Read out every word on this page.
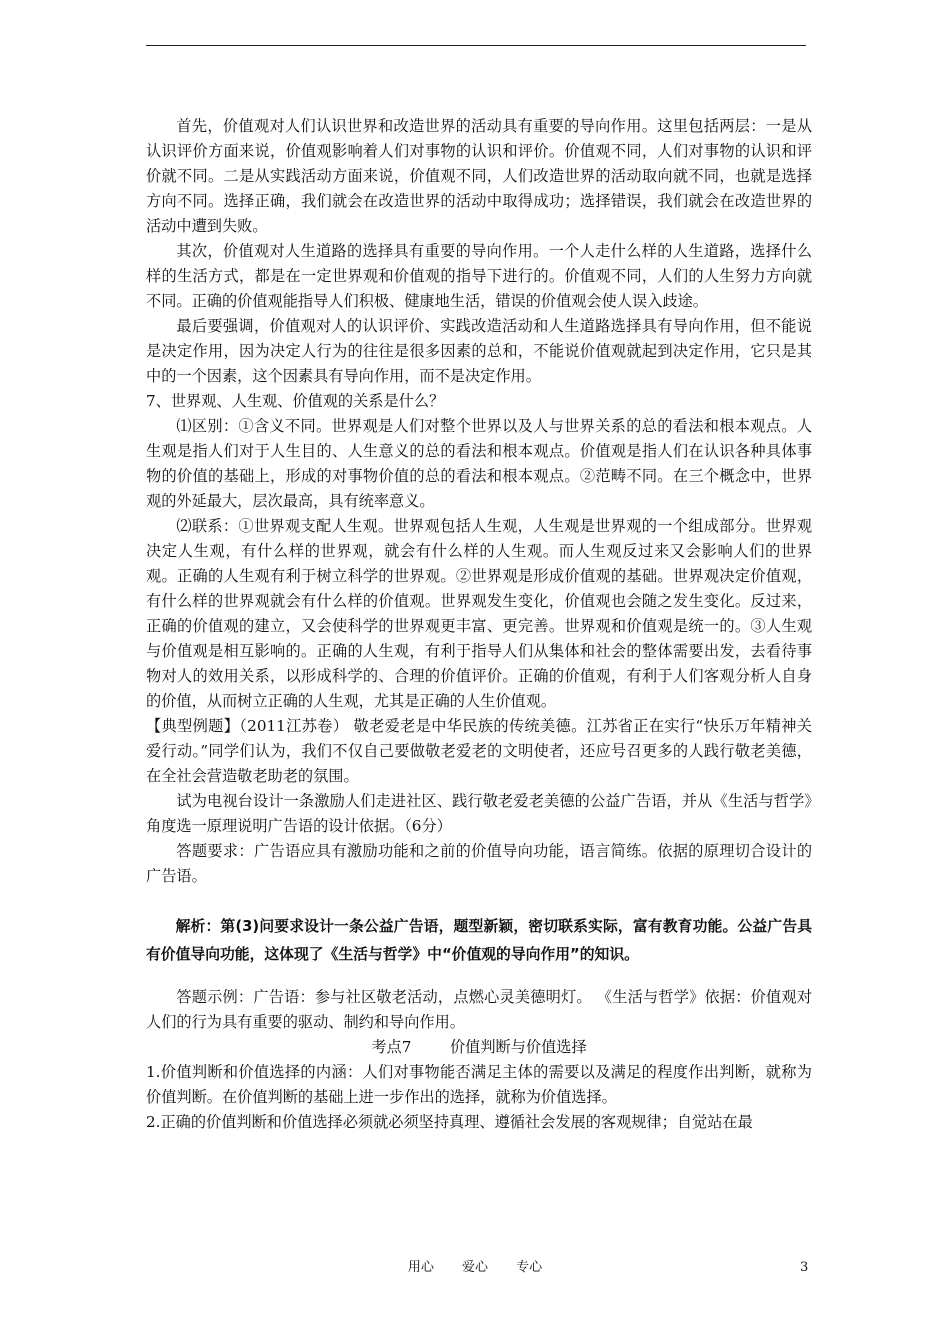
首先，价值观对人们认识世界和改造世界的活动具有重要的导向作用。这里包括两层：一是从认识评价方面来说，价值观影响着人们对事物的认识和评价。价值观不同，人们对事物的认识和评价就不同。二是从实践活动方面来说，价值观不同，人们改造世界的活动取向就不同，也就是选择方向不同。选择正确，我们就会在改造世界的活动中取得成功；选择错误，我们就会在改造世界的活动中遭到失败。

其次，价值观对人生道路的选择具有重要的导向作用。一个人走什么样的人生道路，选择什么样的生活方式，都是在一定世界观和价值观的指导下进行的。价值观不同，人们的人生努力方向就不同。正确的价值观能指导人们积极、健康地生活，错误的价值观会使人误入歧途。

最后要强调，价值观对人的认识评价、实践改造活动和人生道路选择具有导向作用，但不能说是决定作用，因为决定人行为的往往是很多因素的总和，不能说价值观就起到决定作用，它只是其中的一个因素，这个因素具有导向作用，而不是决定作用。

7、世界观、人生观、价值观的关系是什么？

⑴区别：①含义不同。世界观是人们对整个世界以及人与世界关系的总的看法和根本观点。人生观是指人们对于人生目的、人生意义的总的看法和根本观点。价值观是指人们在认识各种具体事物的价值的基础上，形成的对事物价值的总的看法和根本观点。②范畴不同。在三个概念中，世界观的外延最大，层次最高，具有统率意义。

⑵联系：①世界观支配人生观。世界观包括人生观，人生观是世界观的一个组成部分。世界观决定人生观，有什么样的世界观，就会有什么样的人生观。而人生观反过来又会影响人们的世界观。正确的人生观有利于树立科学的世界观。②世界观是形成价值观的基础。世界观决定价值观，有什么样的世界观就会有什么样的价值观。世界观发生变化，价值观也会随之发生变化。反过来，正确的价值观的建立，又会使科学的世界观更丰富、更完善。世界观和价值观是统一的。③人生观与价值观是相互影响的。正确的人生观，有利于指导人们从集体和社会的整体需要出发，去看待事物对人的效用关系，以形成科学的、合理的价值评价。正确的价值观，有利于人们客观分析人自身的价值，从而树立正确的人生观，尤其是正确的人生价值观。

【典型例题】（2011江苏卷） 敬老爱老是中华民族的传统美德。江苏省正在实行“快乐万年精神关爱行动。”同学们认为，我们不仅自己要做敬老爱老的文明使者，还应号召更多的人践行敬老美德，在全社会营造敬老助老的氛围。

试为电视台设计一条激励人们走进社区、践行敬老爱老美德的公益广告语，并从《生活与哲学》角度选一原理说明广告语的设计依据。（6分）

答题要求：广告语应具有激励功能和之前的价值导向功能，语言简练。依据的原理切合设计的广告语。

解析：第(3)问要求设计一条公益广告语，题型新颖，密切联系实际，富有教育功能。公益广告具有价值导向功能，这体现了《生活与哲学》中“价值观的导向作用”的知识。

答题示例：广告语：参与社区敬老活动，点燃心灵美德明灯。 《生活与哲学》依据：价值观对人们的行为具有重要的驱动、制约和导向作用。

考点7        价值判断与价值选择

1.价值判断和价值选择的内涵：人们对事物能否满足主体的需要以及满足的程度作出判断，就称为价值判断。在价值判断的基础上进一步作出的选择，就称为价值选择。

2.正确的价值判断和价值选择必须就必须坚持真理、遵循社会发展的客观规律；自觉站在最

用心 爱心 专心	3
